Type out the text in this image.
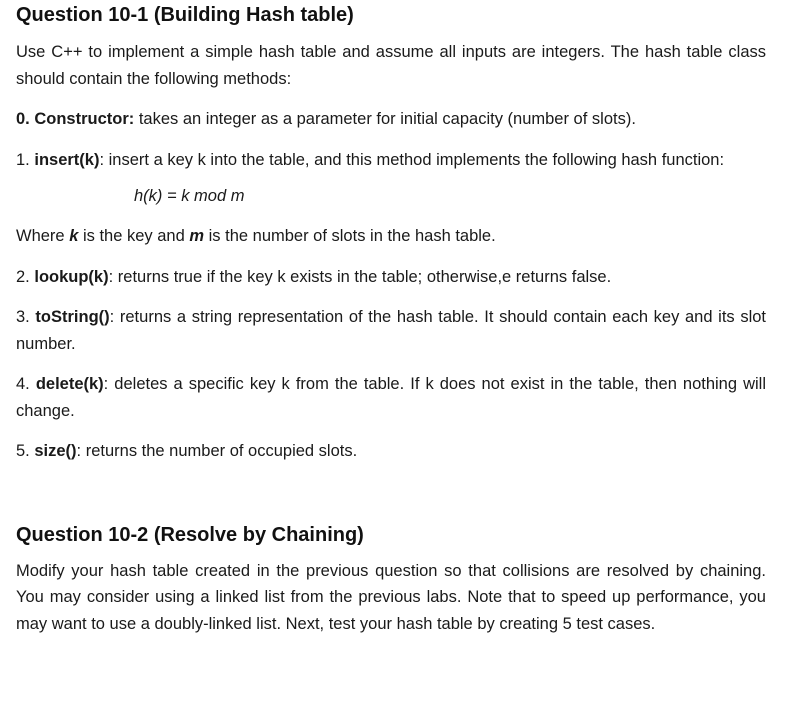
Question 10-1 (Building Hash table)

Use C++ to implement a simple hash table and assume all inputs are integers. The hash table class should contain the following methods:

0. Constructor: takes an integer as a parameter for initial capacity (number of slots).

1. insert(k): insert a key k into the table, and this method implements the following hash function:

h(k) = k mod m

Where k is the key and m is the number of slots in the hash table.

2. lookup(k): returns true if the key k exists in the table; otherwise,e returns false.

3. toString(): returns a string representation of the hash table. It should contain each key and its slot number.

4. delete(k): deletes a specific key k from the table. If k does not exist in the table, then nothing will change.

5. size(): returns the number of occupied slots.

Question 10-2 (Resolve by Chaining)

Modify your hash table created in the previous question so that collisions are resolved by chaining. You may consider using a linked list from the previous labs. Note that to speed up performance, you may want to use a doubly-linked list. Next, test your hash table by creating 5 test cases.
